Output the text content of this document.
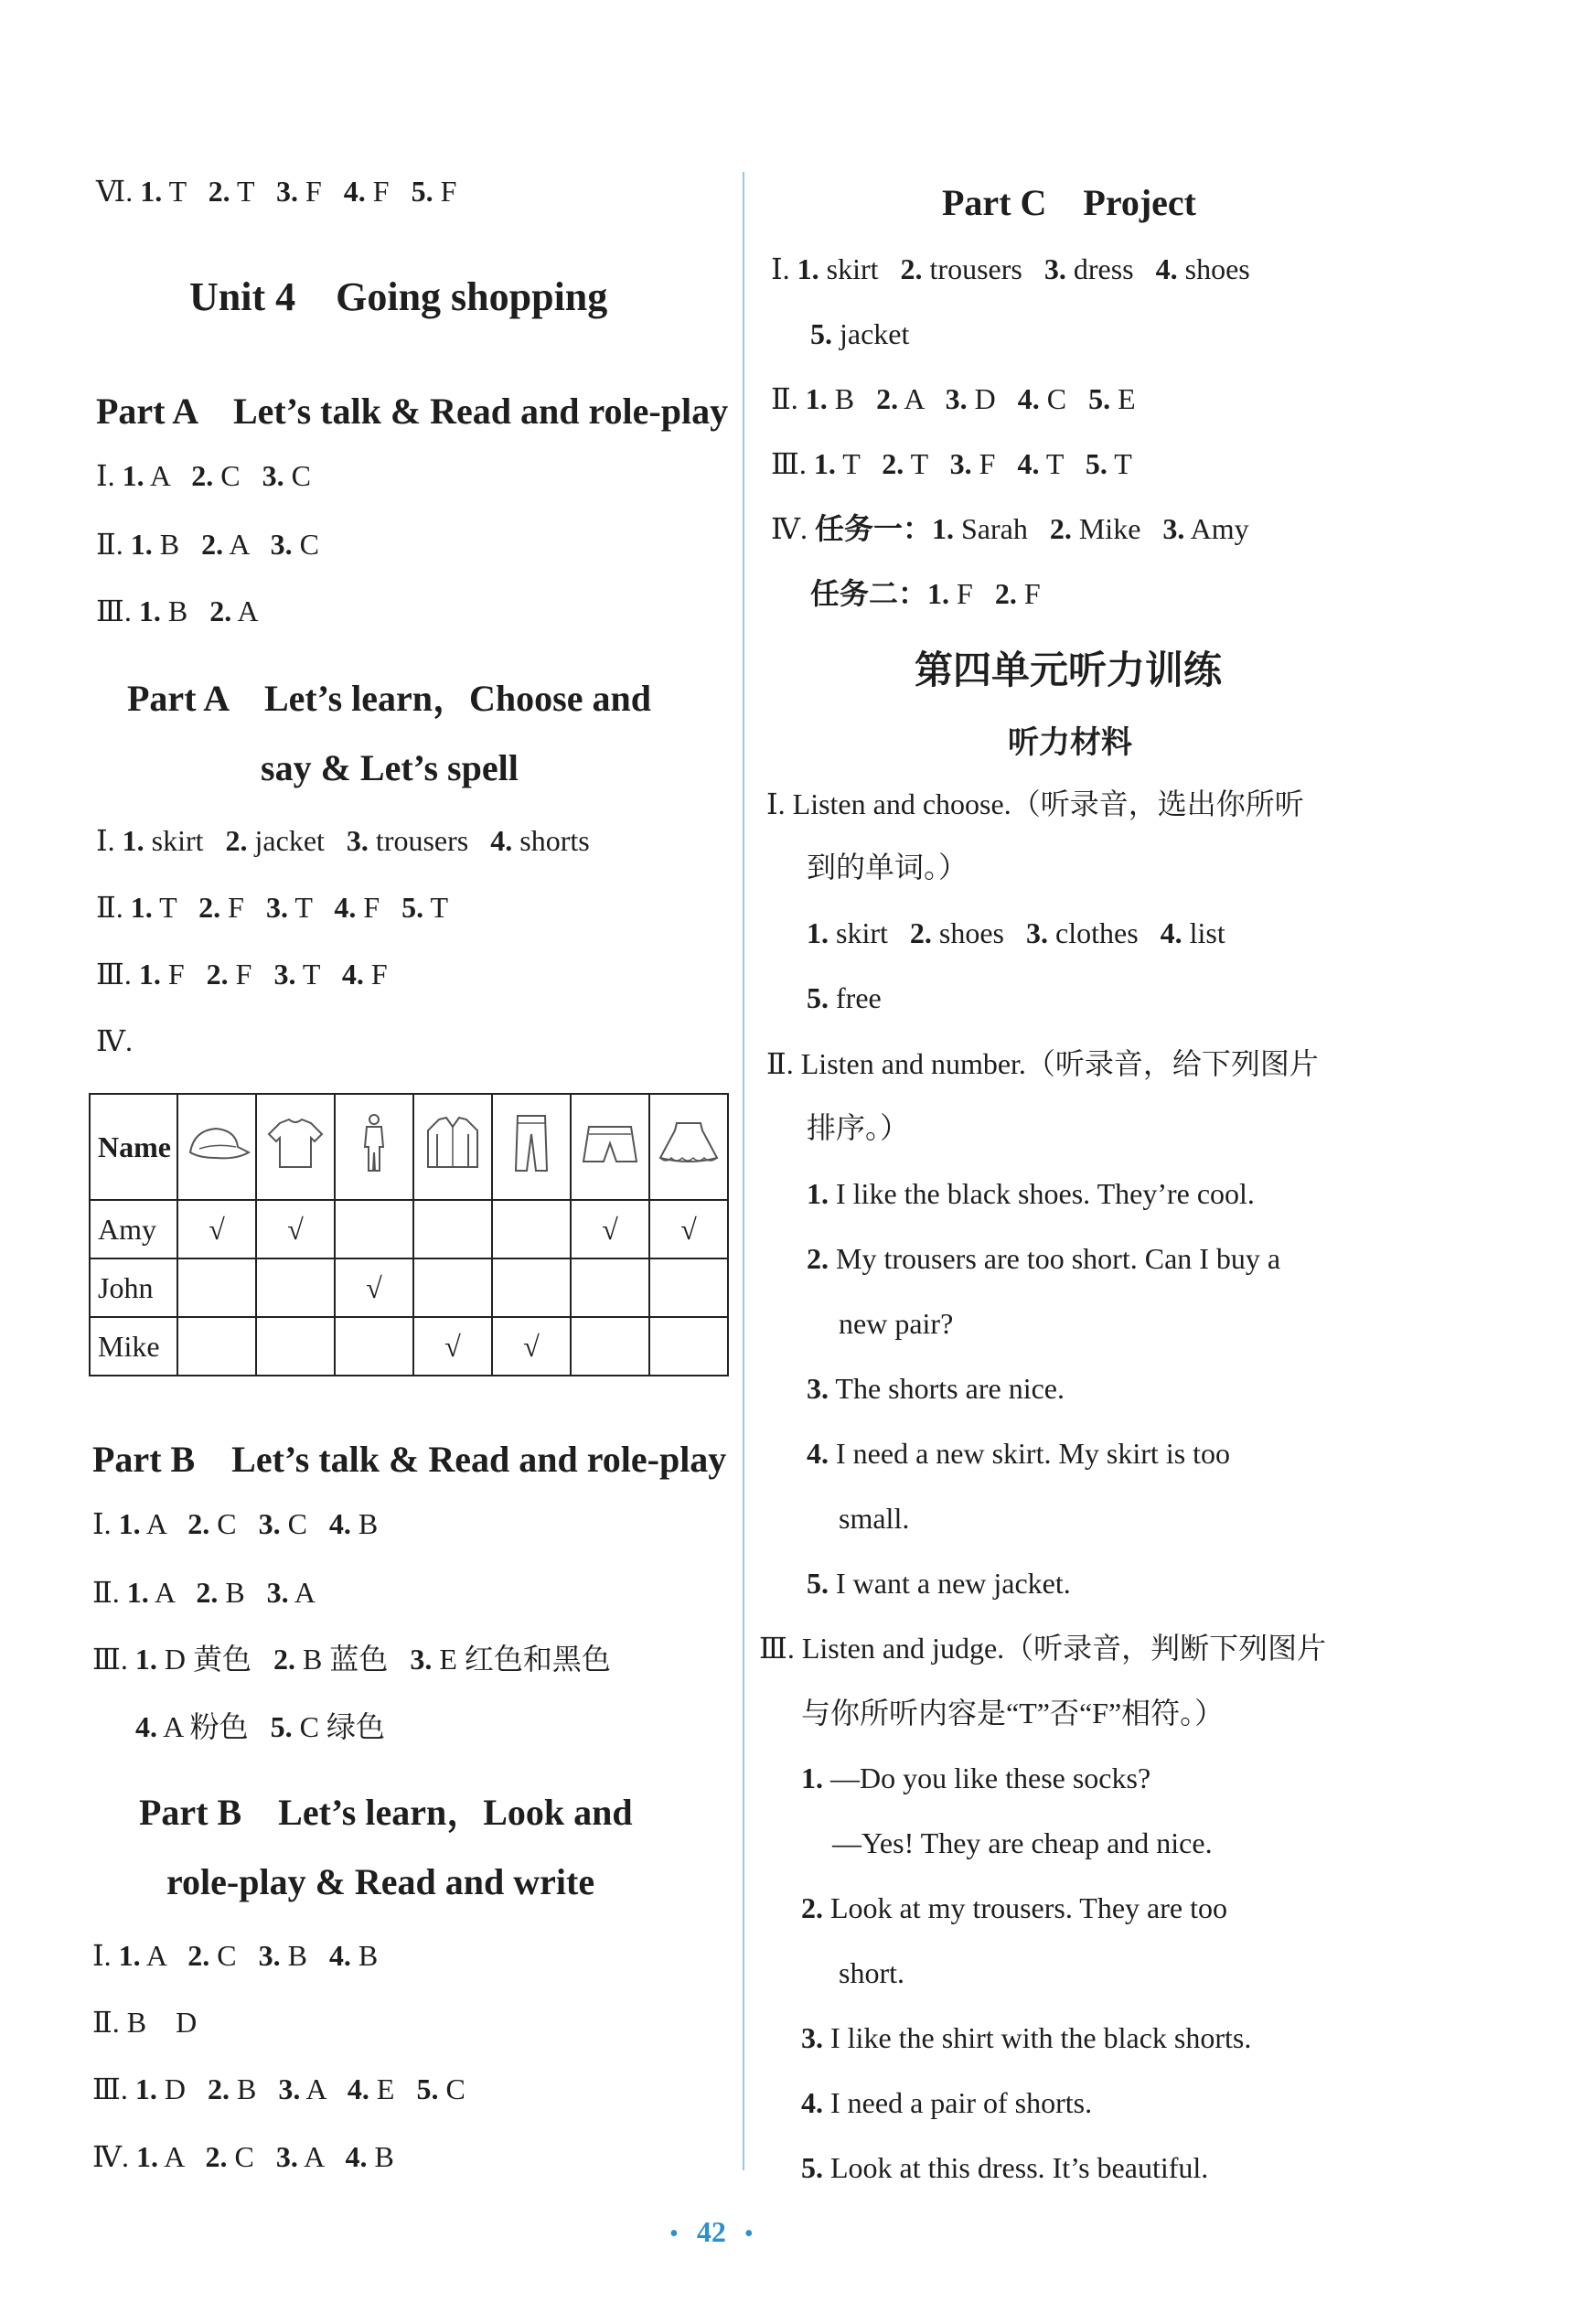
Ⅵ. 1. T 2. T 3. F 4. F 5. F
Unit 4　Going shopping
Part A　Let’s talk & Read and role-play
Ⅰ. 1. A 2. C 3. C
Ⅱ. 1. B 2. A 3. C
Ⅲ. 1. B 2. A
Part A　Let’s learn，Choose and
say & Let’s spell
Ⅰ. 1. skirt 2. jacket 3. trousers 4. shorts
Ⅱ. 1. T 2. F 3. T 4. F 5. T
Ⅲ. 1. F 2. F 3. T 4. F
Ⅳ.
Name							
Amy	√	√				√	√
John			√				
Mike				√	√		
Part B　Let’s talk & Read and role-play
Ⅰ. 1. A 2. C 3. C 4. B
Ⅱ. 1. A 2. B 3. A
Ⅲ. 1. D 黄色 2. B 蓝色 3. E 红色和黑色
4. A 粉色 5. C 绿色
Part B　Let’s learn，Look and
role-play & Read and write
Ⅰ. 1. A 2. C 3. B 4. B
Ⅱ. B　D
Ⅲ. 1. D 2. B 3. A 4. E 5. C
Ⅳ. 1. A 2. C 3. A 4. B
Part C　Project
Ⅰ. 1. skirt 2. trousers 3. dress 4. shoes
5. jacket
Ⅱ. 1. B 2. A 3. D 4. C 5. E
Ⅲ. 1. T 2. T 3. F 4. T 5. T
Ⅳ. 任务一：1. Sarah 2. Mike 3. Amy
任务二：1. F 2. F
第四单元听力训练
听力材料
Ⅰ. Listen and choose.（听录音，选出你所听
到的单词。）
1. skirt 2. shoes 3. clothes 4. list
5. free
Ⅱ. Listen and number.（听录音，给下列图片
排序。）
1. I like the black shoes. They’re cool.
2. My trousers are too short. Can I buy a
new pair?
3. The shorts are nice.
4. I need a new skirt. My skirt is too
small.
5. I want a new jacket.
Ⅲ. Listen and judge.（听录音，判断下列图片
与你所听内容是“T”否“F”相符。）
1. —Do you like these socks?
—Yes! They are cheap and nice.
2. Look at my trousers. They are too
short.
3. I like the shirt with the black shorts.
4. I need a pair of shorts.
5. Look at this dress. It’s beautiful.
• 42 •
